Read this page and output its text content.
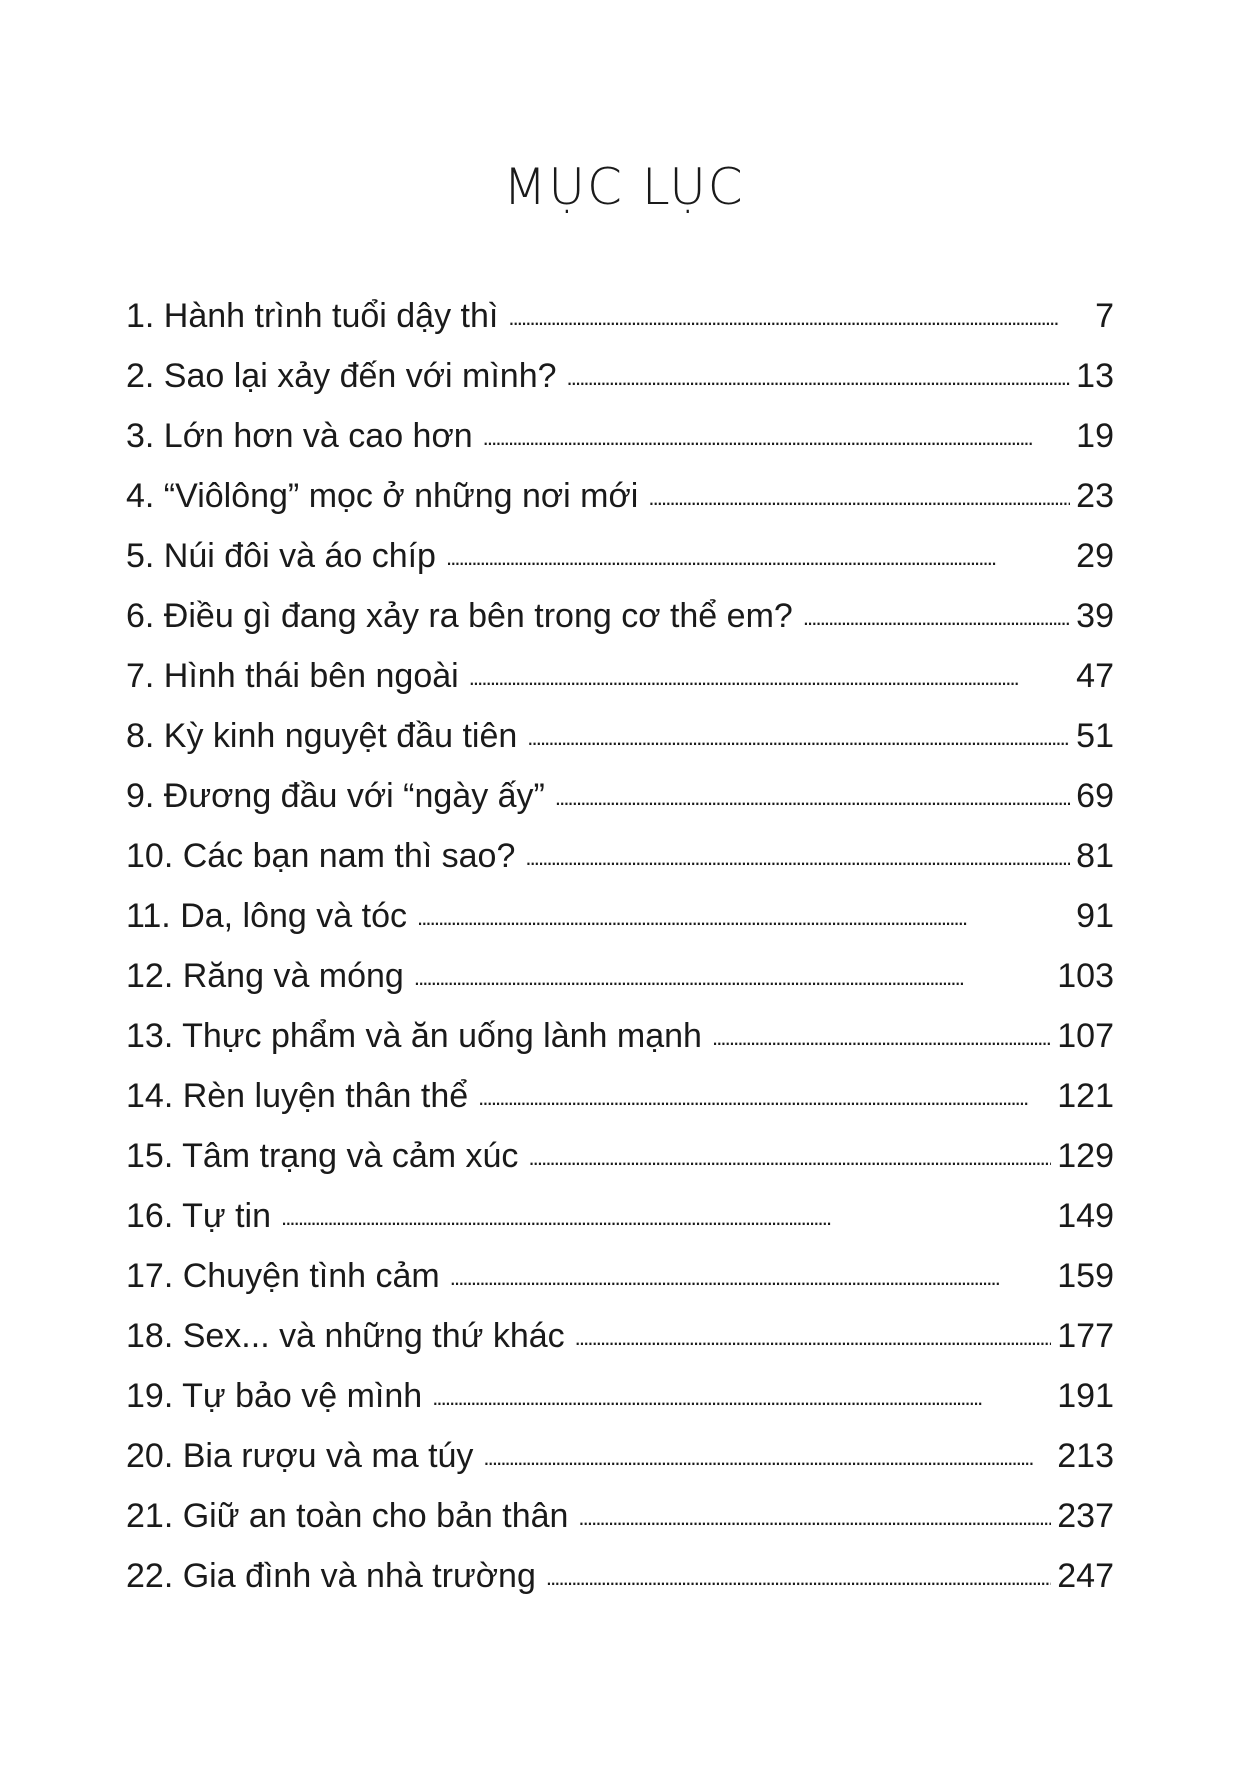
MỤC LỤC
1. Hành trình tuổi dậy thì . . .	7
2. Sao lại xảy đến với mình? . . .	13
3. Lớn hơn và cao hơn . . .	19
4. “Viôlông” mọc ở những nơi mới . . .	23
5. Núi đôi và áo chíp . . .	29
6. Điều gì đang xảy ra bên trong cơ thể em? . . .	39
7. Hình thái bên ngoài . . .	47
8. Kỳ kinh nguyệt đầu tiên . . .	51
9. Đương đầu với “ngày ấy” . . .	69
10. Các bạn nam thì sao? . . .	81
11. Da, lông và tóc . . .	91
12. Răng và móng . . .	103
13. Thực phẩm và ăn uống lành mạnh . . .	107
14. Rèn luyện thân thể . . .	121
15. Tâm trạng và cảm xúc . . .	129
16. Tự tin . . .	149
17. Chuyện tình cảm . . .	159
18. Sex... và những thứ khác . . .	177
19. Tự bảo vệ mình . . .	191
20. Bia rượu và ma túy . . .	213
21. Giữ an toàn cho bản thân . . .	237
22. Gia đình và nhà trường . . .	247
